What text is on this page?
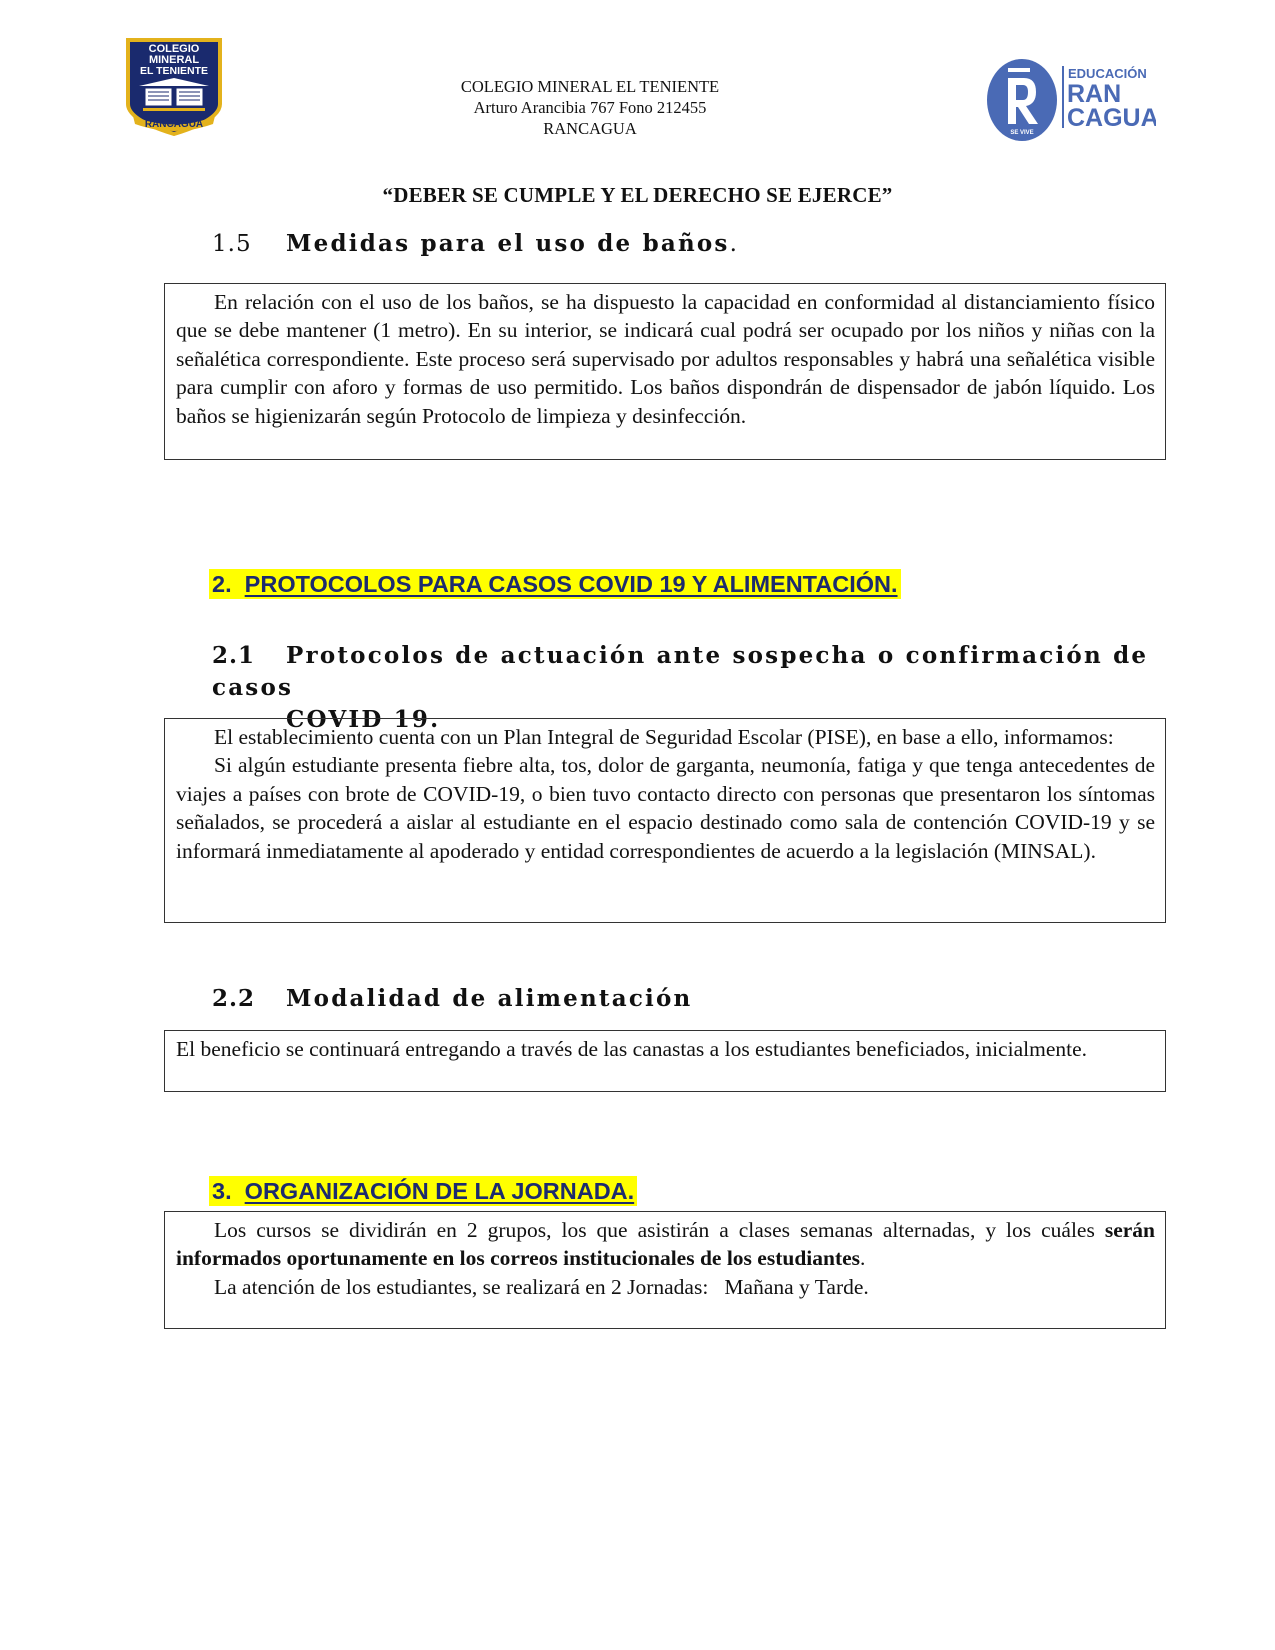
COLEGIO
MINERAL
EL TENIENTE
RANCAGUA
COLEGIO MINERAL EL TENIENTE
Arturo Arancibia 767 Fono 212455
RANCAGUA	SE VIVE
EDUCACIÓN
RAN
CAGUA
“DEBER SE CUMPLE Y EL DERECHO SE EJERCE”
1.5 Medidas para el uso de baños.

En relación con el uso de los baños, se ha dispuesto la capacidad en conformidad al distanciamiento físico que se debe mantener (1 metro). En su interior, se indicará cual podrá ser ocupado por los niños y niñas con la señalética correspondiente. Este proceso será supervisado por adultos responsables y habrá una señalética visible para cumplir con aforo y formas de uso permitido. Los baños dispondrán de dispensador de jabón líquido. Los baños se higienizarán según Protocolo de limpieza y desinfección.

2. PROTOCOLOS PARA CASOS COVID 19 Y ALIMENTACIÓN.
2.1 Protocolos de actuación ante sospecha o confirmación de casos
COVID 19.

El establecimiento cuenta con un Plan Integral de Seguridad Escolar (PISE), en base a ello, informamos:

Si algún estudiante presenta fiebre alta, tos, dolor de garganta, neumonía, fatiga y que tenga antecedentes de viajes a países con brote de COVID-19, o bien tuvo contacto directo con personas que presentaron los síntomas señalados, se procederá a aislar al estudiante en el espacio destinado como sala de contención COVID-19 y se informará inmediatamente al apoderado y entidad correspondientes de acuerdo a la legislación (MINSAL).

2.2 Modalidad de alimentación

El beneficio se continuará entregando a través de las canastas a los estudiantes beneficiados, inicialmente.

3. ORGANIZACIÓN DE LA JORNADA.

Los cursos se dividirán en 2 grupos, los que asistirán a clases semanas alternadas, y los cuáles serán informados oportunamente en los correos institucionales de los estudiantes.

La atención de los estudiantes, se realizará en 2 Jornadas:   Mañana y Tarde.
